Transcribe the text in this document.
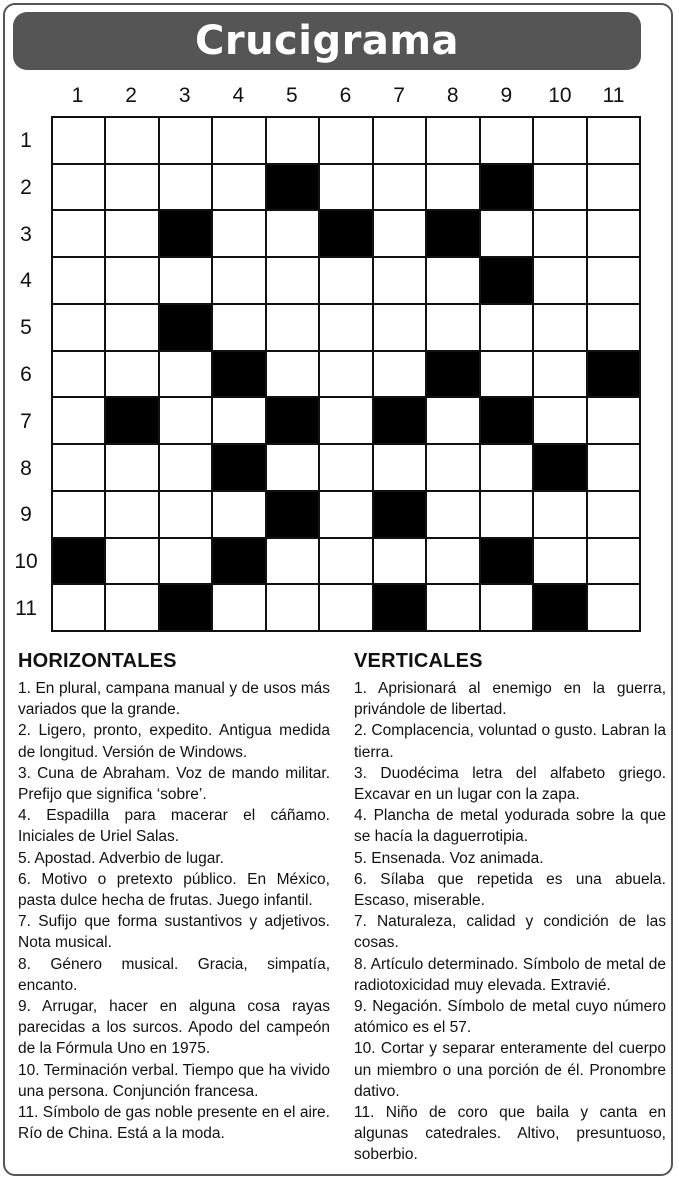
Crucigrama
1	2	3	4	5	6	7	8	9	10	11
1
2
3
4
5
6
7
8
9
10
11
HORIZONTALES

1. En plural, campana manual y de usos más variados que la grande.

2. Ligero, pronto, expedito. Antigua medida de longitud. Versión de Windows.

3. Cuna de Abraham. Voz de mando militar. Prefijo que significa ‘sobre’.

4. Espadilla para macerar el cáñamo. Iniciales de Uriel Salas.

5. Apostad. Adverbio de lugar.

6. Motivo o pretexto público. En México, pasta dulce hecha de frutas. Juego infantil.

7. Sufijo que forma sustantivos y adjetivos. Nota musical.

8. Género musical. Gracia, simpatía, encanto.

9. Arrugar, hacer en alguna cosa rayas parecidas a los surcos. Apodo del campeón de la Fórmula Uno en 1975.

10. Terminación verbal. Tiempo que ha vivido una persona. Conjunción francesa.

11. Símbolo de gas noble presente en el aire. Río de China. Está a la moda.

VERTICALES

1. Aprisionará al enemigo en la guerra, privándole de libertad.

2. Complacencia, voluntad o gusto. Labran la tierra.

3. Duodécima letra del alfabeto griego. Excavar en un lugar con la zapa.

4. Plancha de metal yodurada sobre la que se hacía la daguerrotipia.

5. Ensenada. Voz animada.

6. Sílaba que repetida es una abuela. Escaso, miserable.

7. Naturaleza, calidad y condición de las cosas.

8. Artículo determinado. Símbolo de metal de radiotoxicidad muy elevada. Extravié.

9. Negación. Símbolo de metal cuyo número atómico es el 57.

10. Cortar y separar enteramente del cuerpo un miembro o una porción de él. Pronombre dativo.

11. Niño de coro que baila y canta en algunas catedrales. Altivo, presuntuoso, soberbio.
